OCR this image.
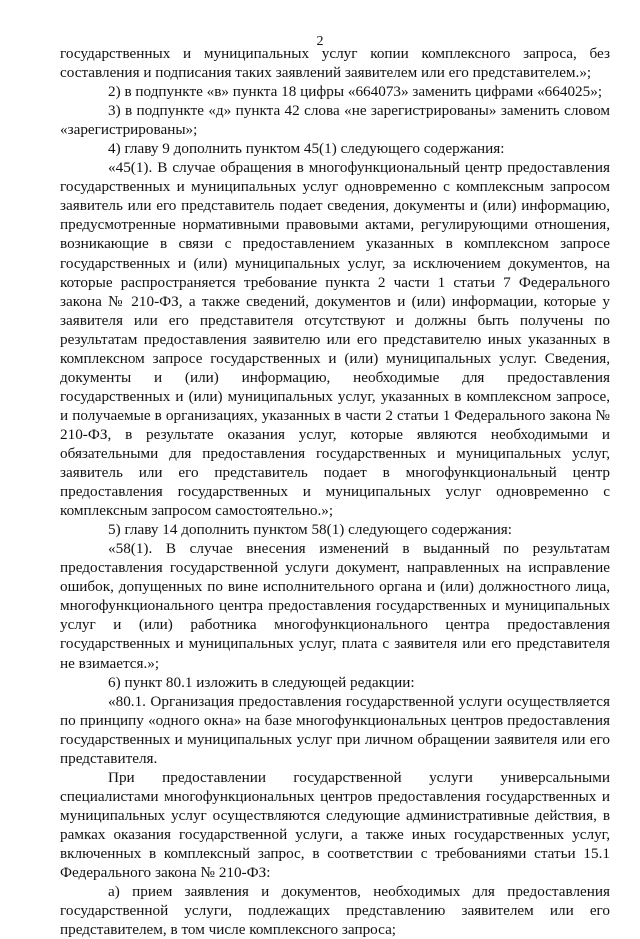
2

государственных и муниципальных услуг копии комплексного запроса, без составления и подписания таких заявлений заявителем или его представителем.»;

2) в подпункте «в» пункта 18 цифры «664073» заменить цифрами «664025»;

3) в подпункте «д» пункта 42 слова «не зарегистрированы» заменить словом «зарегистрированы»;

4) главу 9 дополнить пунктом 45(1) следующего содержания:

«45(1). В случае обращения в многофункциональный центр предоставления государственных и муниципальных услуг одновременно с комплексным запросом заявитель или его представитель подает сведения, документы и (или) информацию, предусмотренные нормативными правовыми актами, регулирующими отношения, возникающие в связи с предоставлением указанных в комплексном запросе государственных и (или) муниципальных услуг, за исключением документов, на которые распространяется требование пункта 2 части 1 статьи 7 Федерального закона № 210-ФЗ, а также сведений, документов и (или) информации, которые у заявителя или его представителя отсутствуют и должны быть получены по результатам предоставления заявителю или его представителю иных указанных в комплексном запросе государственных и (или) муниципальных услуг. Сведения, документы и (или) информацию, необходимые для предоставления государственных и (или) муниципальных услуг, указанных в комплексном запросе, и получаемые в организациях, указанных в части 2 статьи 1 Федерального закона № 210-ФЗ, в результате оказания услуг, которые являются необходимыми и обязательными для предоставления государственных и муниципальных услуг, заявитель или его представитель подает в многофункциональный центр предоставления государственных и муниципальных услуг одновременно с комплексным запросом самостоятельно.»;

5) главу 14 дополнить пунктом 58(1) следующего содержания:

«58(1). В случае внесения изменений в выданный по результатам предоставления государственной услуги документ, направленных на исправление ошибок, допущенных по вине исполнительного органа и (или) должностного лица, многофункционального центра предоставления государственных и муниципальных услуг и (или) работника многофункционального центра предоставления государственных и муниципальных услуг, плата с заявителя или его представителя не взимается.»;

6) пункт 80.1 изложить в следующей редакции:

«80.1. Организация предоставления государственной услуги осуществляется по принципу «одного окна» на базе многофункциональных центров предоставления государственных и муниципальных услуг при личном обращении заявителя или его представителя.

При предоставлении государственной услуги универсальными специалистами многофункциональных центров предоставления государственных и муниципальных услуг осуществляются следующие административные действия, в рамках оказания государственной услуги, а также иных государственных услуг, включенных в комплексный запрос, в соответствии с требованиями статьи 15.1 Федерального закона № 210-ФЗ:

а) прием заявления и документов, необходимых для предоставления государственной услуги, подлежащих представлению заявителем или его представителем, в том числе комплексного запроса;
